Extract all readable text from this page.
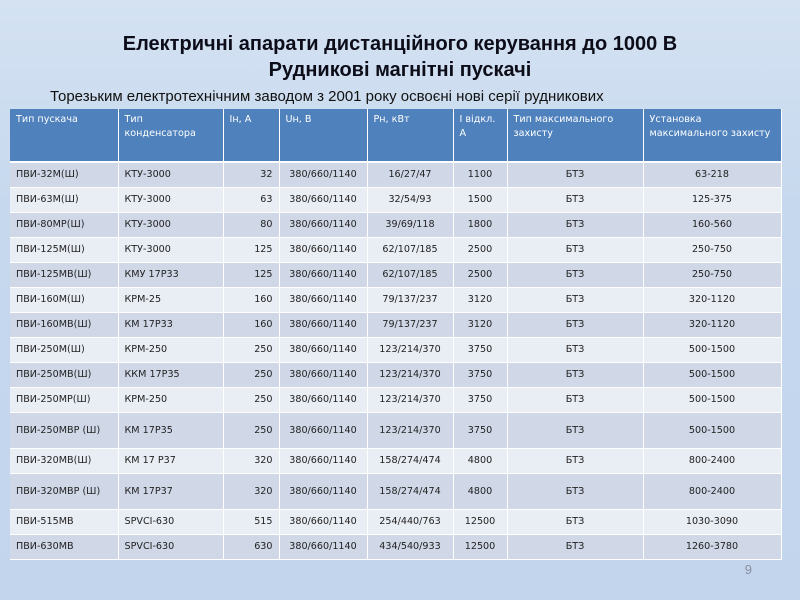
Електричні апарати дистанційного керування до 1000 В
Рудникові магнітні пускачі
Торезьким електротехнічним заводом з 2001 року освоєні нові серії рудникових
Тип пускача	Тип конденсатора	Ін, А	Uн, В	Рн, кВт	І відкл. А	Тип максимального захисту	Установка максимального захисту
ПВИ-32М(Ш)	КТУ-3000	32	380/660/1140	16/27/47	1100	БТЗ	63-218
ПВИ-63М(Ш)	КТУ-3000	63	380/660/1140	32/54/93	1500	БТЗ	125-375
ПВИ-80МР(Ш)	КТУ-3000	80	380/660/1140	39/69/118	1800	БТЗ	160-560
ПВИ-125М(Ш)	КТУ-3000	125	380/660/1140	62/107/185	2500	БТЗ	250-750
ПВИ-125МВ(Ш)	КМУ 17Р33	125	380/660/1140	62/107/185	2500	БТЗ	250-750
ПВИ-160М(Ш)	КРМ-25	160	380/660/1140	79/137/237	3120	БТЗ	320-1120
ПВИ-160МВ(Ш)	КМ 17Р33	160	380/660/1140	79/137/237	3120	БТЗ	320-1120
ПВИ-250М(Ш)	КРМ-250	250	380/660/1140	123/214/370	3750	БТЗ	500-1500
ПВИ-250МВ(Ш)	ККМ 17Р35	250	380/660/1140	123/214/370	3750	БТЗ	500-1500
ПВИ-250МР(Ш)	КРМ-250	250	380/660/1140	123/214/370	3750	БТЗ	500-1500
ПВИ-250МВР (Ш)	КМ 17Р35	250	380/660/1140	123/214/370	3750	БТЗ	500-1500
ПВИ-320МВ(Ш)	КМ 17 Р37	320	380/660/1140	158/274/474	4800	БТЗ	800-2400
ПВИ-320МВР (Ш)	КМ 17Р37	320	380/660/1140	158/274/474	4800	БТЗ	800-2400
ПВИ-515МВ	SPVCI-630	515	380/660/1140	254/440/763	12500	БТЗ	1030-3090
ПВИ-630МВ	SPVCI-630	630	380/660/1140	434/540/933	12500	БТЗ	1260-3780
9
